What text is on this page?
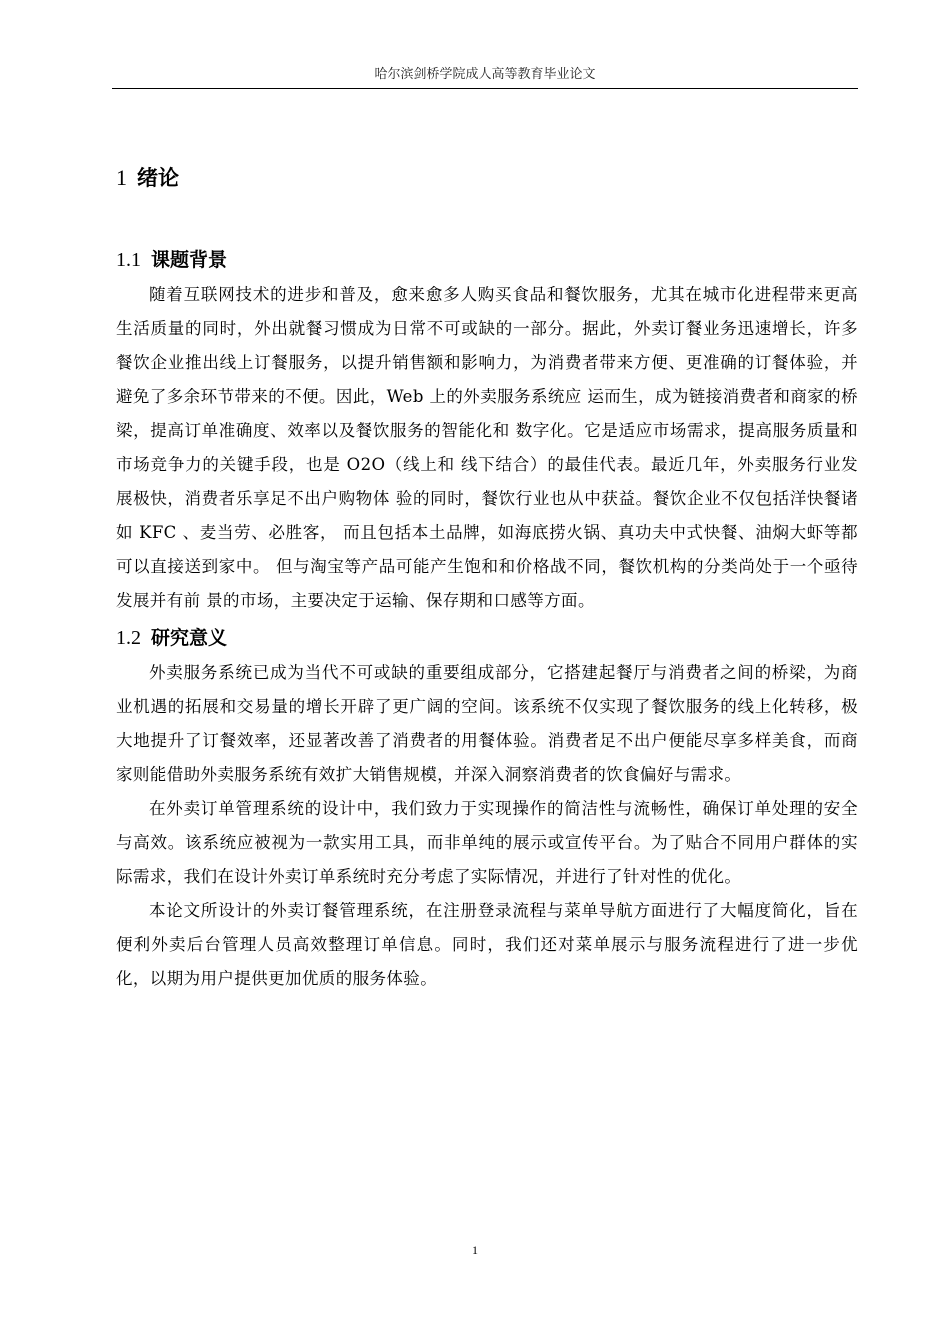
哈尔滨剑桥学院成人高等教育毕业论文
1 绪论
1.1 课题背景

随着互联网技术的进步和普及，愈来愈多人购买食品和餐饮服务，尤其在城市化进程带来更高生活质量的同时，外出就餐习惯成为日常不可或缺的一部分。据此，外卖订餐业务迅速增长，许多餐饮企业推出线上订餐服务，以提升销售额和影响力，为消费者带来方便、更准确的订餐体验，并避免了多余环节带来的不便。因此，Web 上的外卖服务系统应 运而生，成为链接消费者和商家的桥梁，提高订单准确度、效率以及餐饮服务的智能化和 数字化。它是适应市场需求，提高服务质量和市场竞争力的关键手段，也是 O2O（线上和 线下结合）的最佳代表。最近几年，外卖服务行业发展极快，消费者乐享足不出户购物体 验的同时，餐饮行业也从中获益。餐饮企业不仅包括洋快餐诸如 KFC 、麦当劳、必胜客， 而且包括本土品牌，如海底捞火锅、真功夫中式快餐、油焖大虾等都可以直接送到家中。 但与淘宝等产品可能产生饱和和价格战不同，餐饮机构的分类尚处于一个亟待发展并有前 景的市场，主要决定于运输、保存期和口感等方面。

1.2 研究意义

外卖服务系统已成为当代不可或缺的重要组成部分，它搭建起餐厅与消费者之间的桥梁，为商业机遇的拓展和交易量的增长开辟了更广阔的空间。该系统不仅实现了餐饮服务的线上化转移，极大地提升了订餐效率，还显著改善了消费者的用餐体验。消费者足不出户便能尽享多样美食，而商家则能借助外卖服务系统有效扩大销售规模，并深入洞察消费者的饮食偏好与需求。

在外卖订单管理系统的设计中，我们致力于实现操作的简洁性与流畅性，确保订单处理的安全与高效。该系统应被视为一款实用工具，而非单纯的展示或宣传平台。为了贴合不同用户群体的实际需求，我们在设计外卖订单系统时充分考虑了实际情况，并进行了针对性的优化。

本论文所设计的外卖订餐管理系统，在注册登录流程与菜单导航方面进行了大幅度简化，旨在便利外卖后台管理人员高效整理订单信息。同时，我们还对菜单展示与服务流程进行了进一步优化，以期为用户提供更加优质的服务体验。

1
